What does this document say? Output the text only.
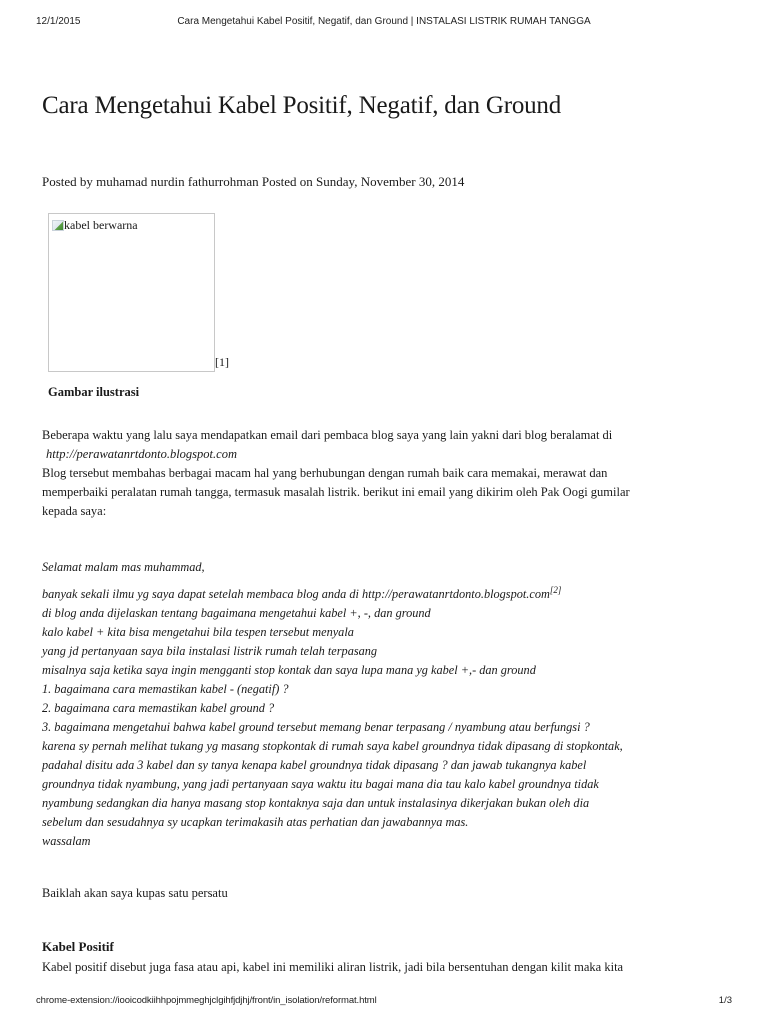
12/1/2015	Cara Mengetahui Kabel Positif, Negatif, dan Ground | INSTALASI LISTRIK RUMAH TANGGA
Cara Mengetahui Kabel Positif, Negatif, dan Ground
Posted by muhamad nurdin fathurrohman Posted on Sunday, November 30, 2014
kabel berwarna
[1]
Gambar ilustrasi
Beberapa waktu yang lalu saya mendapatkan email dari pembaca blog saya yang lain yakni dari blog beralamat di
http://perawatanrtdonto.blogspot.com
Blog tersebut membahas berbagai macam hal yang berhubungan dengan rumah baik cara memakai, merawat dan
memperbaiki peralatan rumah tangga, termasuk masalah listrik. berikut ini email yang dikirim oleh Pak Oogi gumilar
kepada saya:
Selamat malam mas muhammad,
banyak sekali ilmu yg saya dapat setelah membaca blog anda di http://perawatanrtdonto.blogspot.com[2]
di blog anda dijelaskan tentang bagaimana mengetahui kabel +, -, dan ground
kalo kabel + kita bisa mengetahui bila tespen tersebut menyala
yang jd pertanyaan saya bila instalasi listrik rumah telah terpasang
misalnya saja ketika saya ingin mengganti stop kontak dan saya lupa mana yg kabel +,- dan ground
1. bagaimana cara memastikan kabel - (negatif) ?
2. bagaimana cara memastikan kabel ground ?
3. bagaimana mengetahui bahwa kabel ground tersebut memang benar terpasang / nyambung atau berfungsi ?
karena sy pernah melihat tukang yg masang stopkontak di rumah saya kabel groundnya tidak dipasang di stopkontak,
padahal disitu ada 3 kabel dan sy tanya kenapa kabel groundnya tidak dipasang ? dan jawab tukangnya kabel
groundnya tidak nyambung, yang jadi pertanyaan saya waktu itu bagai mana dia tau kalo kabel groundnya tidak
nyambung sedangkan dia hanya masang stop kontaknya saja dan untuk instalasinya dikerjakan bukan oleh dia
sebelum dan sesudahnya sy ucapkan terimakasih atas perhatian dan jawabannya mas.
wassalam
Baiklah akan saya kupas satu persatu
Kabel Positif
Kabel positif disebut juga fasa atau api, kabel ini memiliki aliran listrik, jadi bila bersentuhan dengan kilit maka kita
chrome-extension://iooicodkiihhpojmmeghjclgihfjdjhj/front/in_isolation/reformat.html	1/3
